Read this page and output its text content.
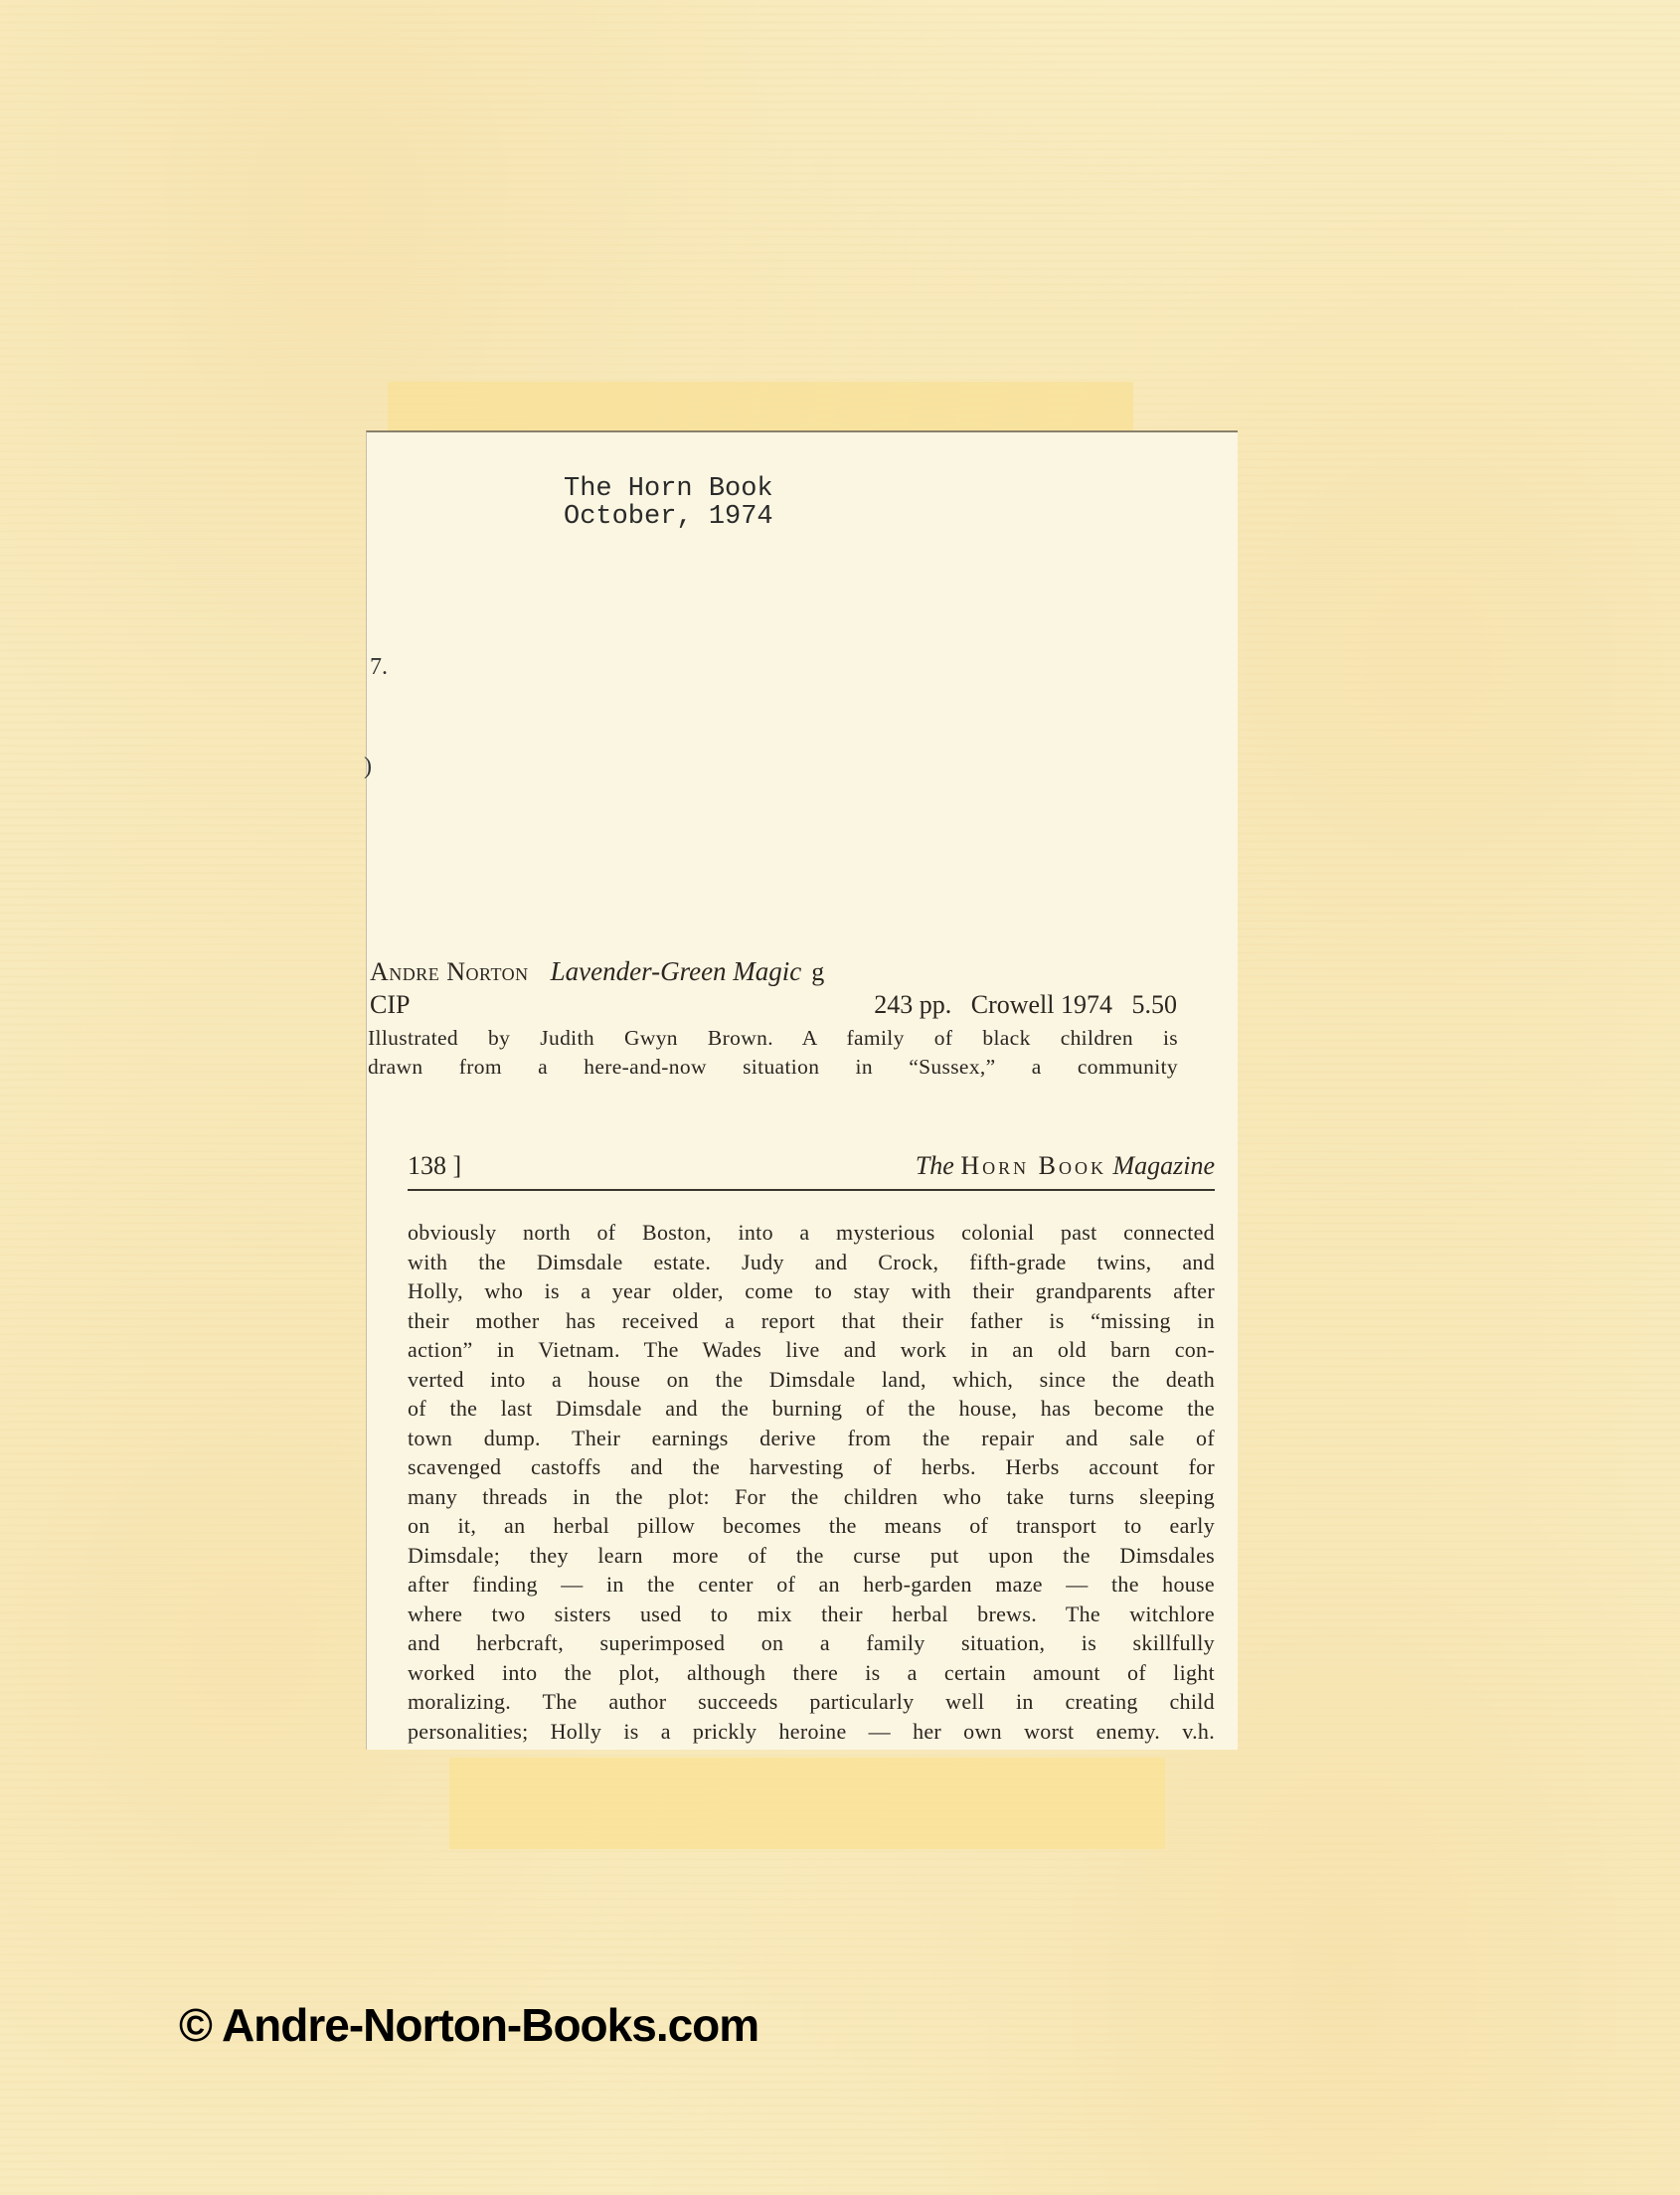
The Horn Book
October, 1974
7.
)
Andre Norton Lavender-Green Magic g
CIP	243 pp. Crowell 1974 5.50
Illustrated by Judith Gwyn Brown. A family of black children is
drawn from a here-and-now situation in “Sussex,” a community
138 ]	The Horn Book Magazine
obviously north of Boston, into a mysterious colonial past connected
with the Dimsdale estate. Judy and Crock, fifth-grade twins, and
Holly, who is a year older, come to stay with their grandparents after
their mother has received a report that their father is “missing in
action” in Vietnam. The Wades live and work in an old barn con-
verted into a house on the Dimsdale land, which, since the death
of the last Dimsdale and the burning of the house, has become the
town dump. Their earnings derive from the repair and sale of
scavenged castoffs and the harvesting of herbs. Herbs account for
many threads in the plot: For the children who take turns sleeping
on it, an herbal pillow becomes the means of transport to early
Dimsdale; they learn more of the curse put upon the Dimsdales
after finding — in the center of an herb-garden maze — the house
where two sisters used to mix their herbal brews. The witchlore
and herbcraft, superimposed on a family situation, is skillfully
worked into the plot, although there is a certain amount of light
moralizing. The author succeeds particularly well in creating child
personalities; Holly is a prickly heroine — her own worst enemy. v.h.
© Andre-Norton-Books.com
